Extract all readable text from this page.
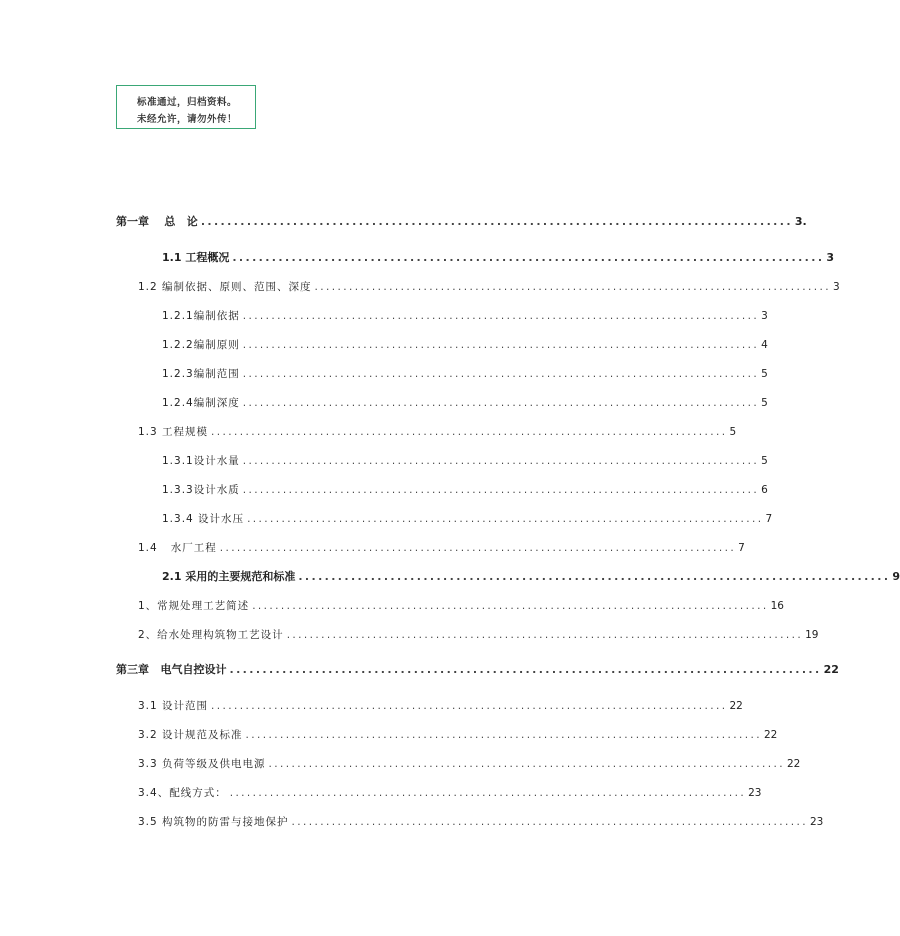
标准通过，归档资料。
未经允许，请勿外传！
第一章    总   论 .......................................................................................... 3.
1.1 工程概况 .......................................................................................... 3
1.2 编制依据、原则、范围、深度 .......................................................................................... 3
1.2.1编制依据 .......................................................................................... 3
1.2.2编制原则 .......................................................................................... 4
1.2.3编制范围 .......................................................................................... 5
1.2.4编制深度 .......................................................................................... 5
1.3 工程规模 .......................................................................................... 5
1.3.1设计水量 .......................................................................................... 5
1.3.3设计水质 .......................................................................................... 6
1.3.4 设计水压 .......................................................................................... 7
1.4   水厂工程 .......................................................................................... 7
2.1 采用的主要规范和标准 .......................................................................................... 9
1、常规处理工艺简述 .......................................................................................... 16
2、给水处理构筑物工艺设计 .......................................................................................... 19
第三章   电气自控设计 .......................................................................................... 22
3.1 设计范围 .......................................................................................... 22
3.2 设计规范及标准 .......................................................................................... 22
3.3 负荷等级及供电电源 .......................................................................................... 22
3.4、配线方式： .......................................................................................... 23
3.5 构筑物的防雷与接地保护 .......................................................................................... 23
